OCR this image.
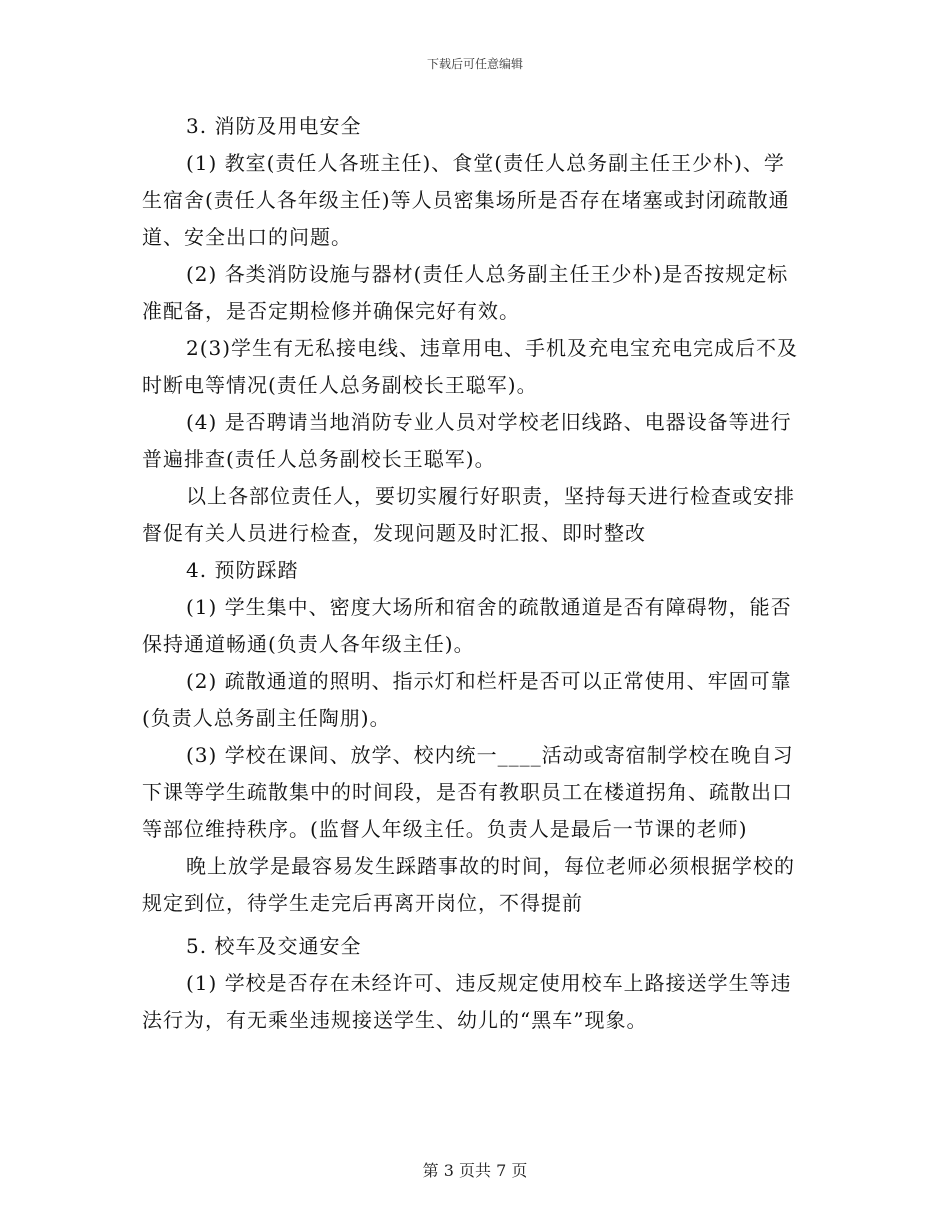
下载后可任意编辑

3. 消防及用电安全

(1) 教室(责任人各班主任)、食堂(责任人总务副主任王少朴)、学生宿舍(责任人各年级主任)等人员密集场所是否存在堵塞或封闭疏散通道、安全出口的问题。

(2) 各类消防设施与器材(责任人总务副主任王少朴)是否按规定标准配备，是否定期检修并确保完好有效。

2(3)学生有无私接电线、违章用电、手机及充电宝充电完成后不及时断电等情况(责任人总务副校长王聪军)。

(4) 是否聘请当地消防专业人员对学校老旧线路、电器设备等进行普遍排查(责任人总务副校长王聪军)。

以上各部位责任人，要切实履行好职责，坚持每天进行检查或安排督促有关人员进行检查，发现问题及时汇报、即时整改

4. 预防踩踏

(1) 学生集中、密度大场所和宿舍的疏散通道是否有障碍物，能否保持通道畅通(负责人各年级主任)。

(2) 疏散通道的照明、指示灯和栏杆是否可以正常使用、牢固可靠(负责人总务副主任陶朋)。

(3) 学校在课间、放学、校内统一____活动或寄宿制学校在晚自习下课等学生疏散集中的时间段，是否有教职员工在楼道拐角、疏散出口等部位维持秩序。(监督人年级主任。负责人是最后一节课的老师)

晚上放学是最容易发生踩踏事故的时间，每位老师必须根据学校的规定到位，待学生走完后再离开岗位，不得提前

5. 校车及交通安全

(1) 学校是否存在未经许可、违反规定使用校车上路接送学生等违法行为，有无乘坐违规接送学生、幼儿的“黑车”现象。

第 3 页共 7 页
